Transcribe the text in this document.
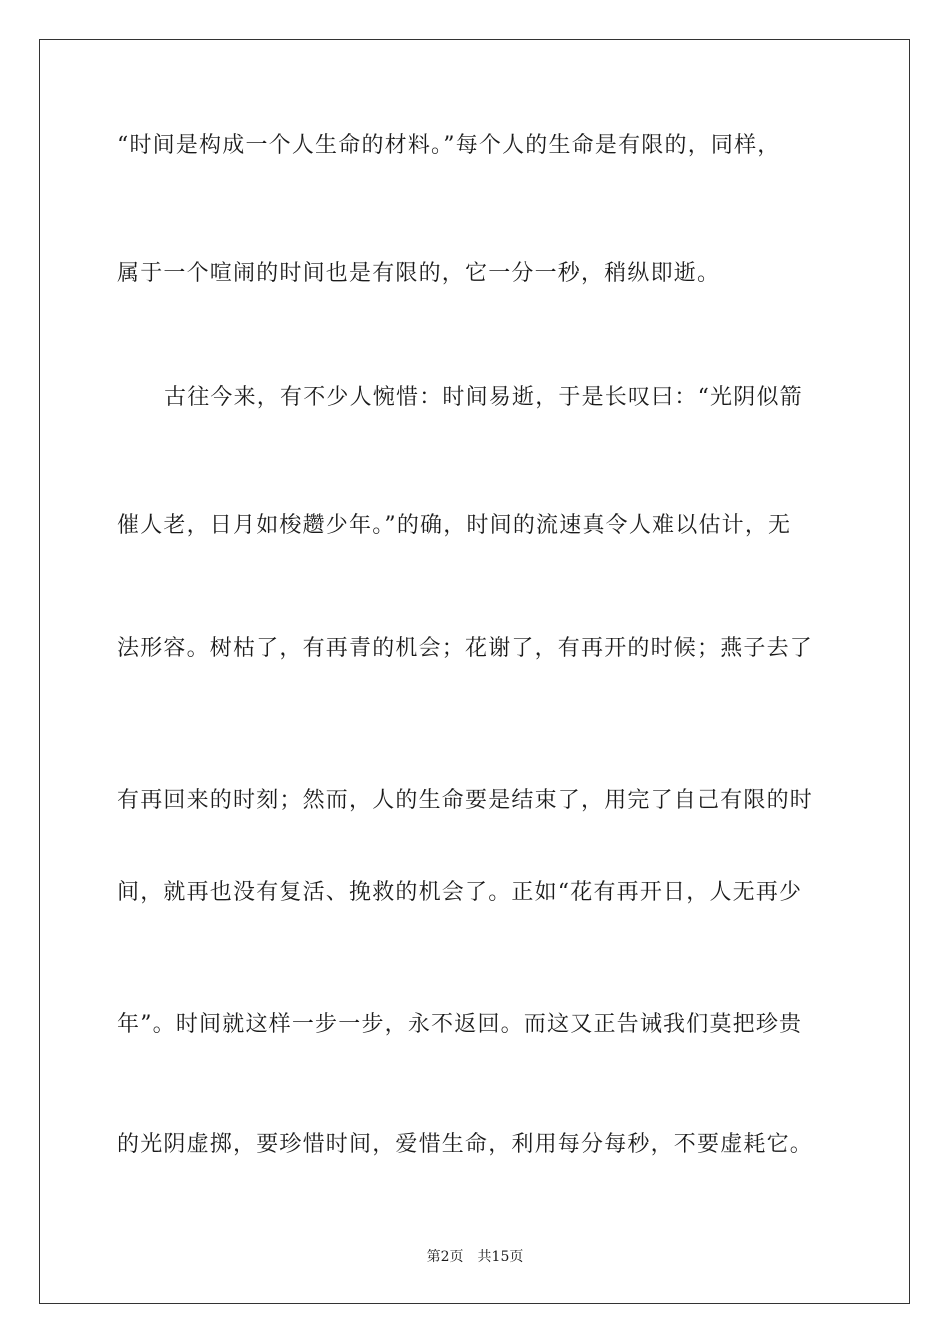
“时间是构成一个人生命的材料。”每个人的生命是有限的，同样，
属于一个喧闹的时间也是有限的，它一分一秒，稍纵即逝。
古往今来，有不少人惋惜：时间易逝，于是长叹曰：“光阴似箭
催人老，日月如梭趱少年。”的确，时间的流速真令人难以估计，无
法形容。树枯了，有再青的机会；花谢了，有再开的时候；燕子去了
有再回来的时刻；然而，人的生命要是结束了，用完了自己有限的时
间，就再也没有复活、挽救的机会了。正如“花有再开日，人无再少
年”。时间就这样一步一步，永不返回。而这又正告诫我们莫把珍贵
的光阴虚掷，要珍惜时间，爱惜生命，利用每分每秒，不要虚耗它。
第2页 共15页
